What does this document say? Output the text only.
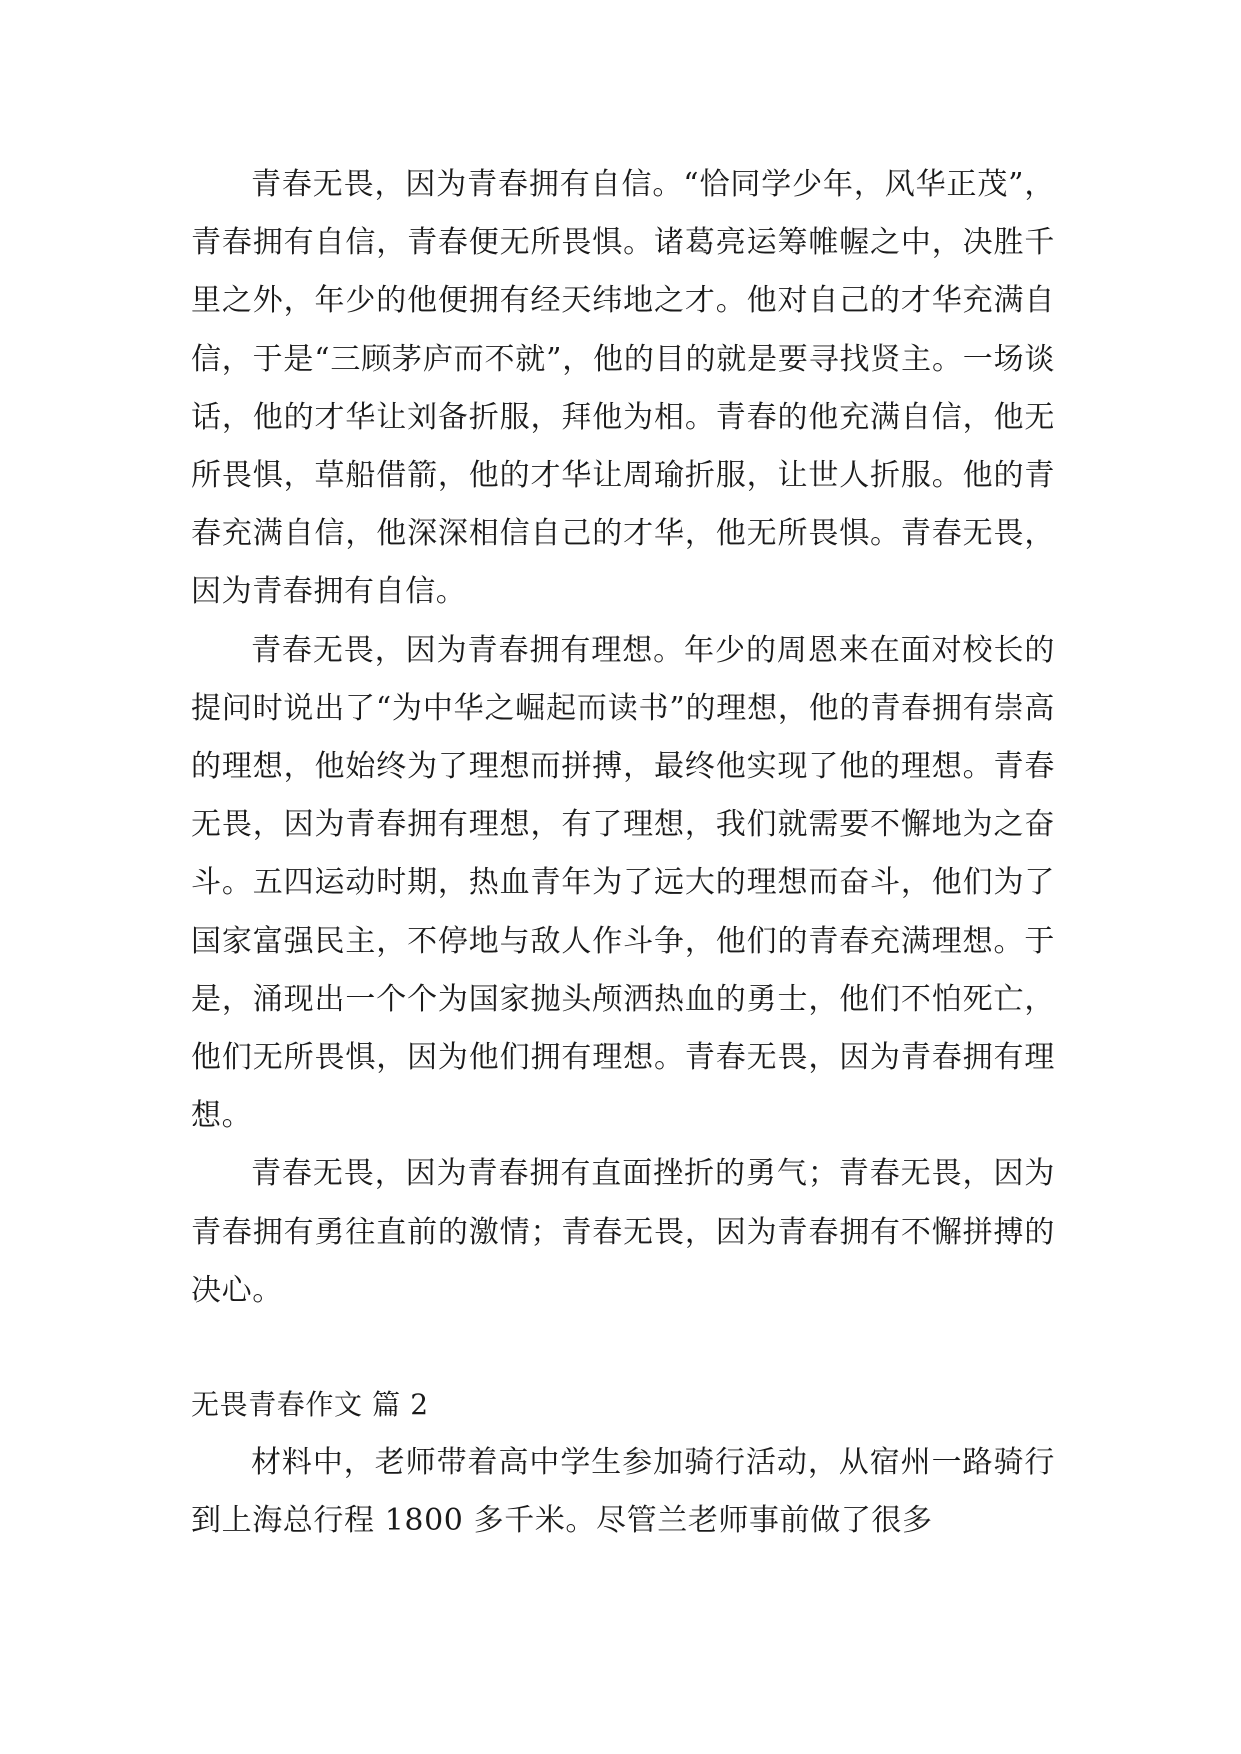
青春无畏，因为青春拥有自信。“恰同学少年，风华正茂”，青春拥有自信，青春便无所畏惧。诸葛亮运筹帷幄之中，决胜千里之外，年少的他便拥有经天纬地之才。他对自己的才华充满自信，于是“三顾茅庐而不就”，他的目的就是要寻找贤主。一场谈话，他的才华让刘备折服，拜他为相。青春的他充满自信，他无所畏惧，草船借箭，他的才华让周瑜折服，让世人折服。他的青春充满自信，他深深相信自己的才华，他无所畏惧。青春无畏，因为青春拥有自信。

青春无畏，因为青春拥有理想。年少的周恩来在面对校长的提问时说出了“为中华之崛起而读书”的理想，他的青春拥有崇高的理想，他始终为了理想而拼搏，最终他实现了他的理想。青春无畏，因为青春拥有理想，有了理想，我们就需要不懈地为之奋斗。五四运动时期，热血青年为了远大的理想而奋斗，他们为了国家富强民主，不停地与敌人作斗争，他们的青春充满理想。于是，涌现出一个个为国家抛头颅洒热血的勇士，他们不怕死亡，他们无所畏惧，因为他们拥有理想。青春无畏，因为青春拥有理想。

青春无畏，因为青春拥有直面挫折的勇气；青春无畏，因为青春拥有勇往直前的激情；青春无畏，因为青春拥有不懈拼搏的决心。

无畏青春作文 篇 2

材料中，老师带着高中学生参加骑行活动，从宿州一路骑行到上海总行程 1800 多千米。尽管兰老师事前做了很多
